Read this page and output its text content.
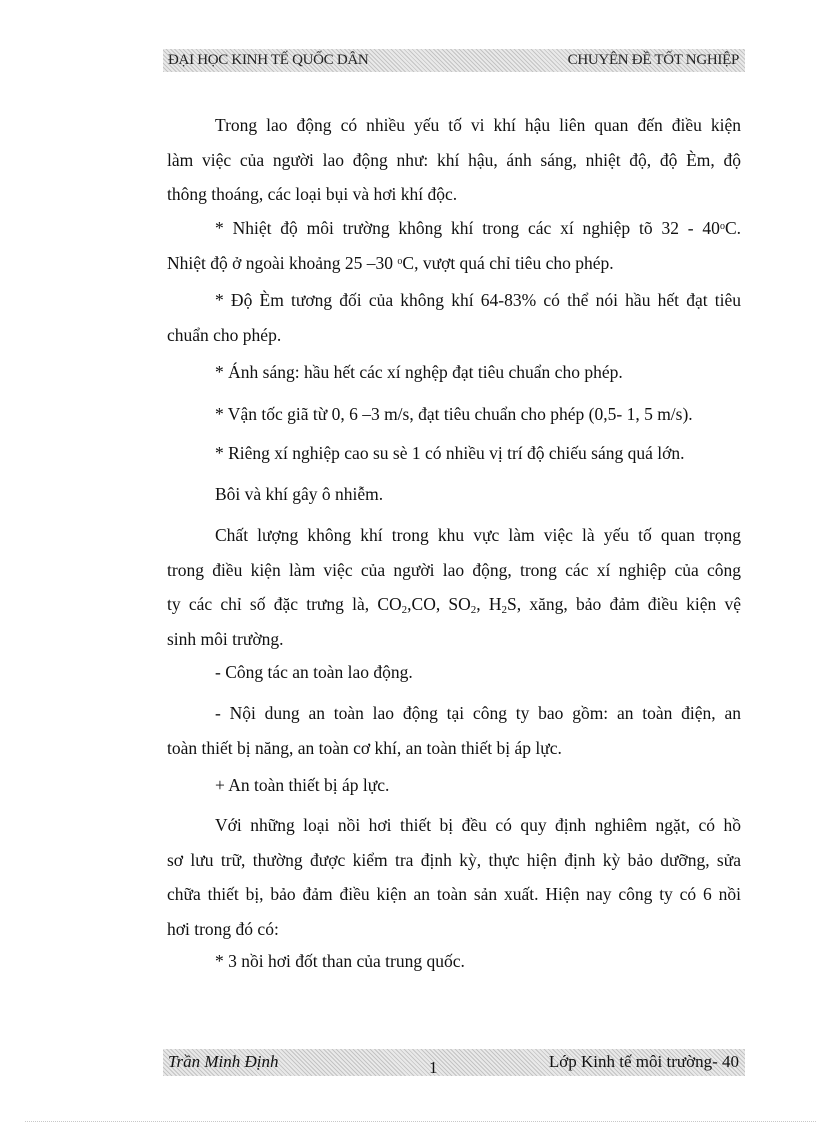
ĐẠI HỌC KINH TẾ QUỐC DÂN	CHUYÊN ĐỀ TỐT NGHIỆP
Trong lao động có nhiều yếu tố vi khí hậu liên quan đến điều kiện
làm việc của người lao động như: khí hậu, ánh sáng, nhiệt độ, độ Èm, độ
thông thoáng, các loại bụi và hơi khí độc.
* Nhiệt độ môi trường không khí trong các xí nghiệp tõ 32 - 40$^o$C.
Nhiệt độ ở ngoài khoảng 25 –30 $^o$C, vượt quá chỉ tiêu cho phép.
* Độ Èm tương đối của không khí 64-83% có thể nói hầu hết đạt tiêu
chuẩn cho phép.
* Ánh sáng: hầu hết các xí nghệp đạt tiêu chuẩn cho phép.
* Vận tốc giã từ 0, 6 –3 m/s, đạt tiêu chuẩn cho phép (0,5- 1, 5 m/s).
* Riêng xí nghiệp cao su sè 1 có nhiều vị trí độ chiếu sáng quá lớn.
Bôi và khí gây ô nhiễm.
Chất lượng không khí trong khu vực làm việc là yếu tố quan trọng
trong điều kiện làm việc của người lao động, trong các xí nghiệp của công
ty các chỉ số đặc trưng là, $CO_2,CO$, $SO_2$, $H_2S$, xăng, bảo đảm điều kiện vệ
sinh môi trường.
- Công tác an toàn lao động.
- Nội dung an toàn lao động tại công ty bao gồm: an toàn điện, an
toàn thiết bị năng, an toàn cơ khí, an toàn thiết bị áp lực.
+ An toàn thiết bị áp lực.
Với những loại nồi hơi thiết bị đều có quy định nghiêm ngặt, có hồ
sơ lưu trữ, thường được kiểm tra định kỳ, thực hiện định kỳ bảo dưỡng, sửa
chữa thiết bị, bảo đảm điều kiện an toàn sản xuất. Hiện nay công ty có 6 nồi
hơi trong đó có:
* 3 nồi hơi đốt than của trung quốc.
Trần Minh Định	1	Lớp Kinh tế môi trường- 40
